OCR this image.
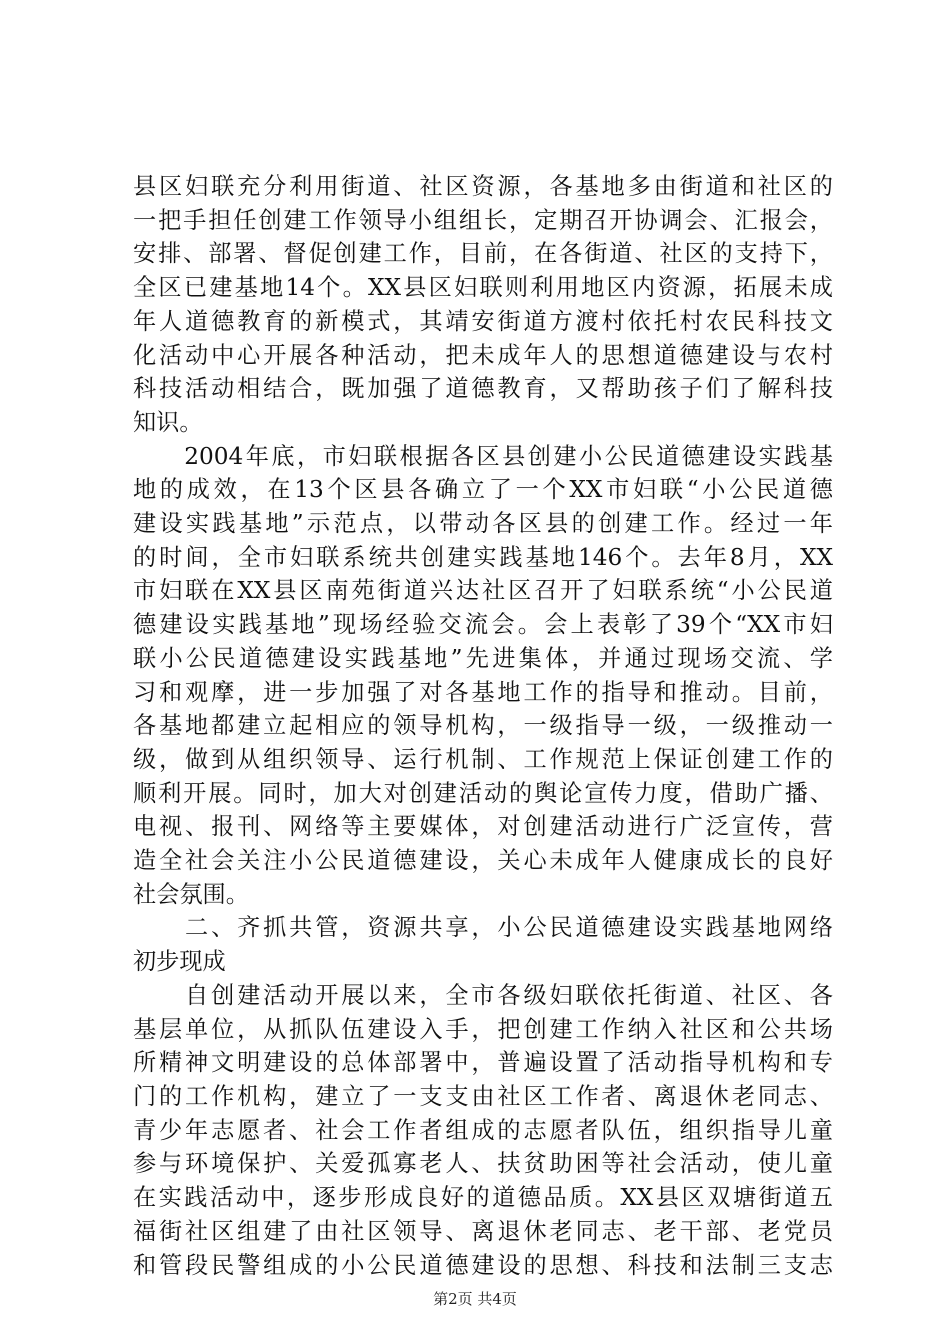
县区妇联充分利用街道、社区资源，各基地多由街道和社区的
一把手担任创建工作领导小组组长，定期召开协调会、汇报会，
安排、部署、督促创建工作，目前，在各街道、社区的支持下，
全区已建基地14个。XX县区妇联则利用地区内资源，拓展未成
年人道德教育的新模式，其靖安街道方渡村依托村农民科技文
化活动中心开展各种活动，把未成年人的思想道德建设与农村
科技活动相结合，既加强了道德教育，又帮助孩子们了解科技
知识。
　　2004年底，市妇联根据各区县创建小公民道德建设实践基
地的成效，在13个区县各确立了一个XX市妇联“小公民道德
建设实践基地”示范点，以带动各区县的创建工作。经过一年
的时间，全市妇联系统共创建实践基地146个。去年8月，XX
市妇联在XX县区南苑街道兴达社区召开了妇联系统“小公民道
德建设实践基地”现场经验交流会。会上表彰了39个“XX市妇
联小公民道德建设实践基地”先进集体，并通过现场交流、学
习和观摩，进一步加强了对各基地工作的指导和推动。目前，
各基地都建立起相应的领导机构，一级指导一级，一级推动一
级，做到从组织领导、运行机制、工作规范上保证创建工作的
顺利开展。同时，加大对创建活动的舆论宣传力度，借助广播、
电视、报刊、网络等主要媒体，对创建活动进行广泛宣传，营
造全社会关注小公民道德建设，关心未成年人健康成长的良好
社会氛围。
　　二、齐抓共管，资源共享，小公民道德建设实践基地网络
初步现成
　　自创建活动开展以来，全市各级妇联依托街道、社区、各
基层单位，从抓队伍建设入手，把创建工作纳入社区和公共场
所精神文明建设的总体部署中，普遍设置了活动指导机构和专
门的工作机构，建立了一支支由社区工作者、离退休老同志、
青少年志愿者、社会工作者组成的志愿者队伍，组织指导儿童
参与环境保护、关爱孤寡老人、扶贫助困等社会活动，使儿童
在实践活动中，逐步形成良好的道德品质。XX县区双塘街道五
福街社区组建了由社区领导、离退休老同志、老干部、老党员
和管段民警组成的小公民道德建设的思想、科技和法制三支志
第2页 共4页
